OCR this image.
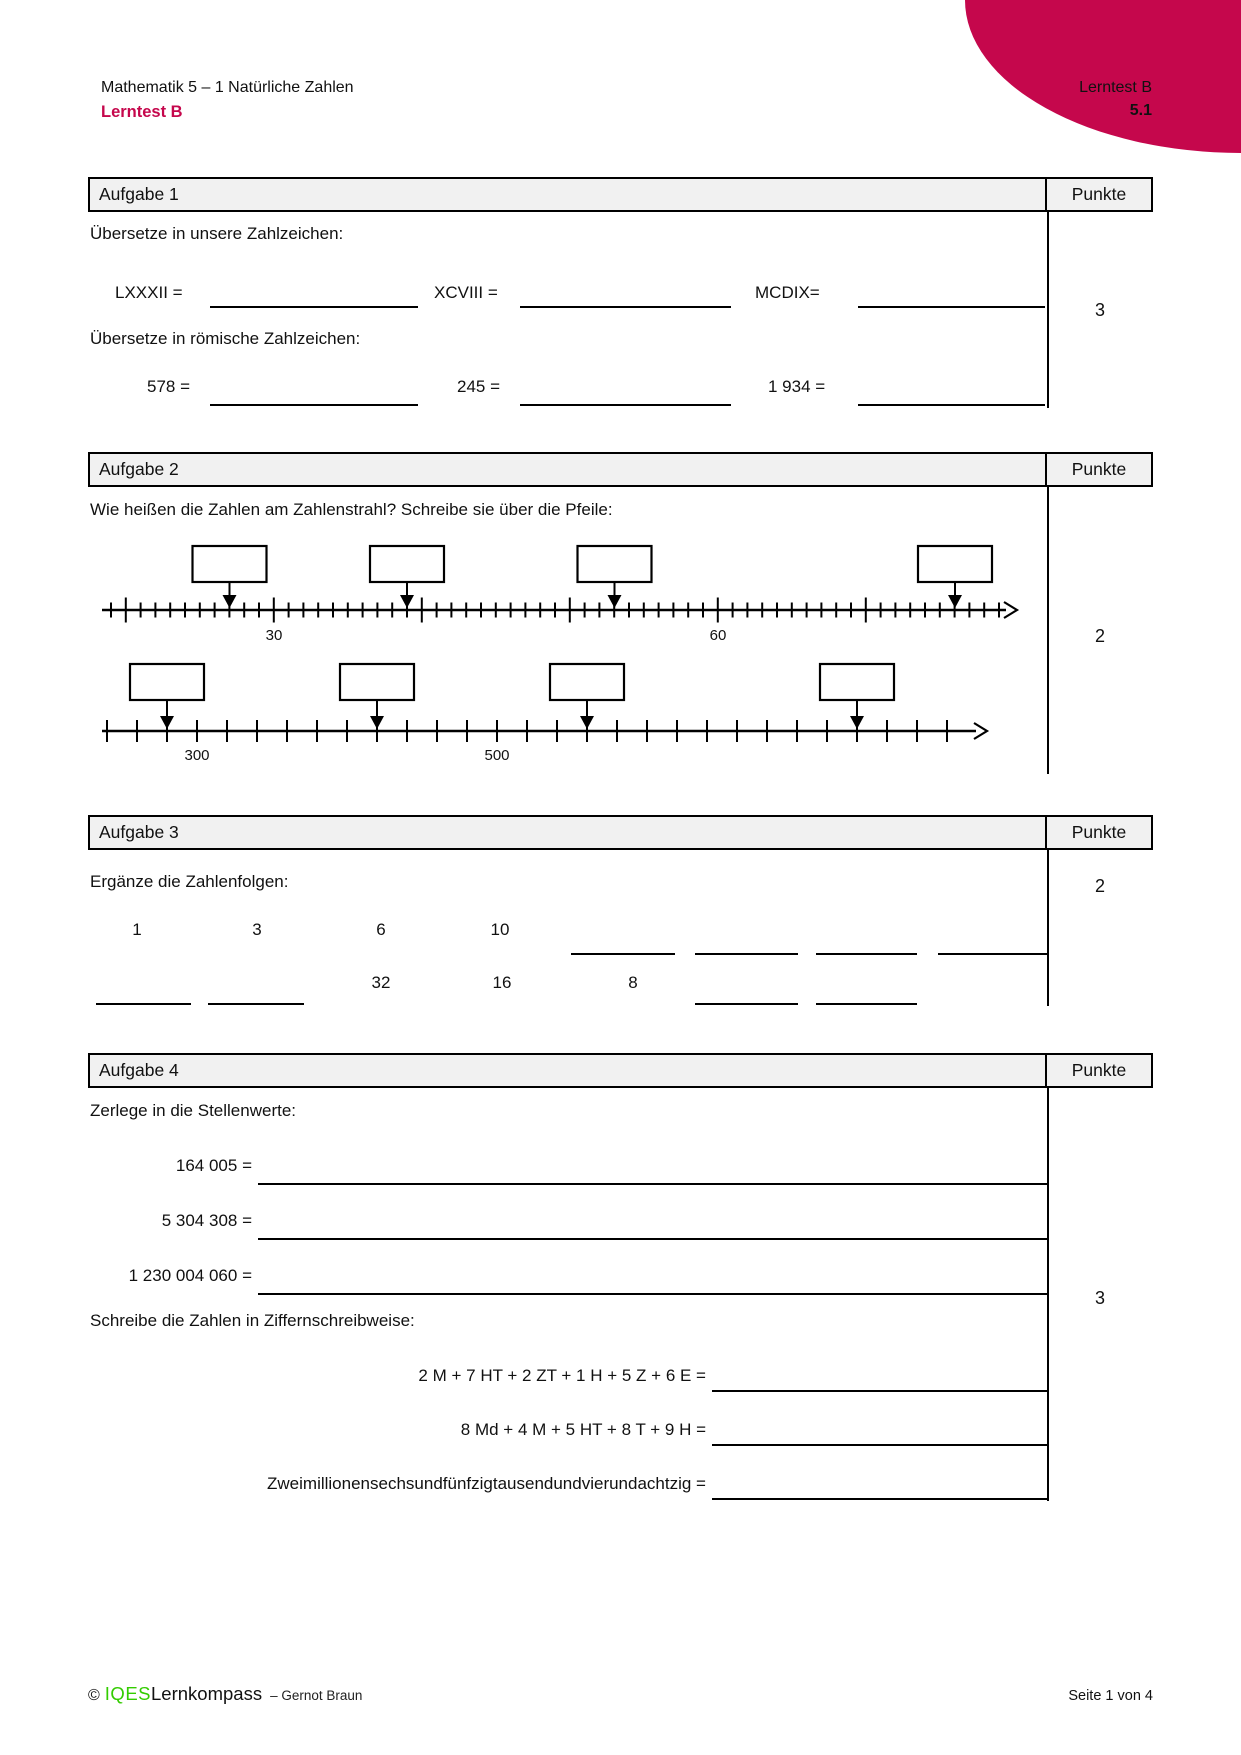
Mathematik 5 – 1 Natürliche Zahlen
Lerntest B
Lerntest B
5.1
Aufgabe 1	Punkte
3
Übersetze in unsere Zahlzeichen:
LXXXII =	XCVIII =	MCDIX=
Übersetze in römische Zahlzeichen:
578 =	245 =	1 934 =
Aufgabe 2	Punkte
2
Wie heißen die Zahlen am Zahlenstrahl? Schreibe sie über die Pfeile:
30	60
300	500
Aufgabe 3	Punkte
2
Ergänze die Zahlenfolgen:
1	3	6	10
32	16	8
Aufgabe 4	Punkte
3
Zerlege in die Stellenwerte:
164 005 =
5 304 308 =
1 230 004 060 =
Schreibe die Zahlen in Ziffernschreibweise:
2 M + 7 HT + 2 ZT + 1 H + 5 Z + 6 E =
8 Md + 4 M + 5 HT + 8 T + 9 H =
Zweimillionensechsundfünfzigtausendundvierundachtzig =
© IQES Lernkompass – Gernot Braun	Seite 1 von 4
